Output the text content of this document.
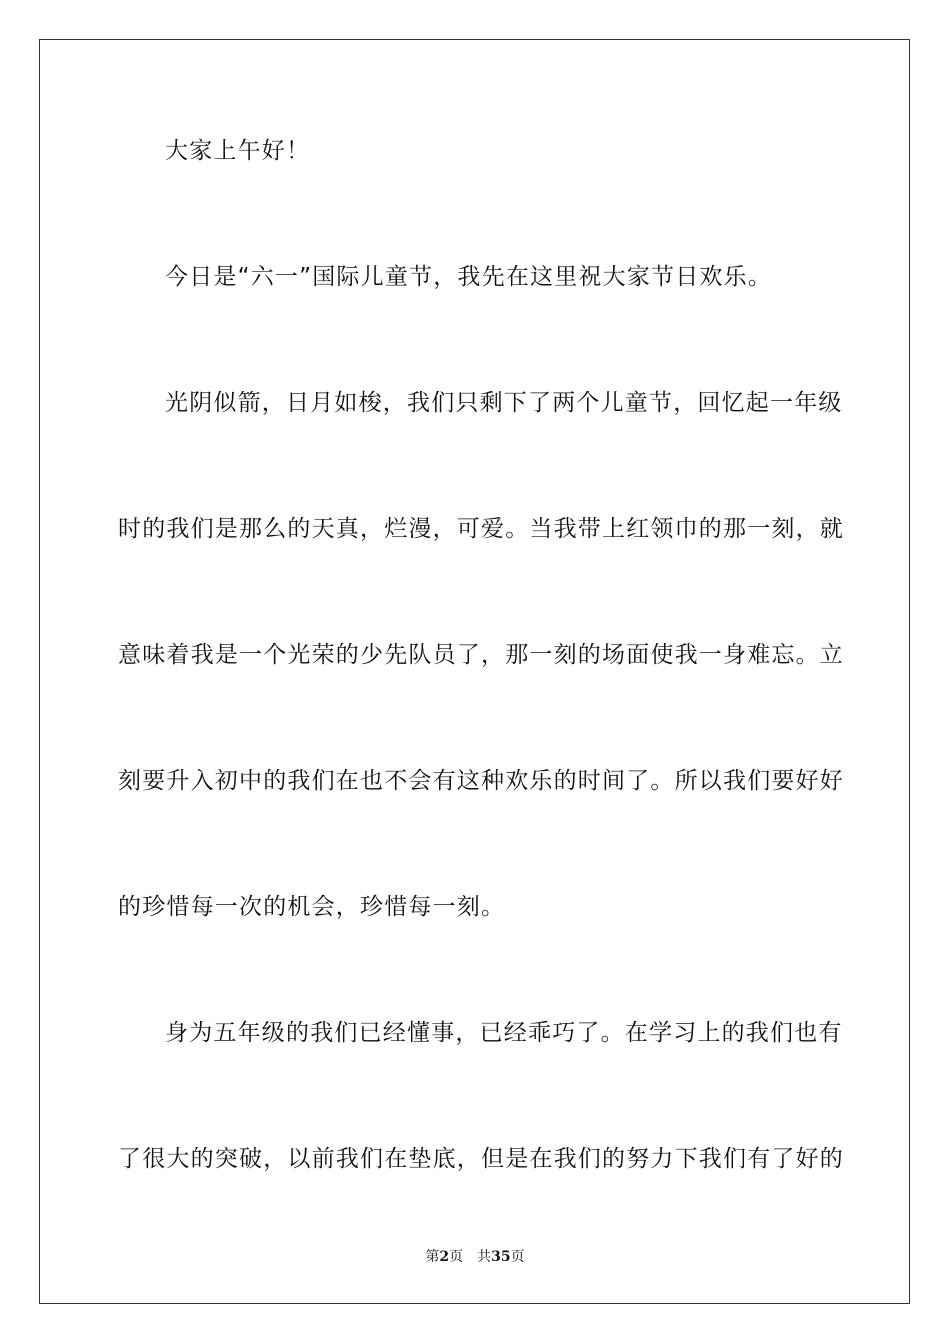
大家上午好！
今日是“六一”国际儿童节，我先在这里祝大家节日欢乐。
光阴似箭，日月如梭，我们只剩下了两个儿童节，回忆起一年级
时的我们是那么的天真，烂漫，可爱。当我带上红领巾的那一刻，就
意味着我是一个光荣的少先队员了，那一刻的场面使我一身难忘。立
刻要升入初中的我们在也不会有这种欢乐的时间了。所以我们要好好
的珍惜每一次的机会，珍惜每一刻。
身为五年级的我们已经懂事，已经乖巧了。在学习上的我们也有
了很大的突破，以前我们在垫底，但是在我们的努力下我们有了好的
第2页 共35页
